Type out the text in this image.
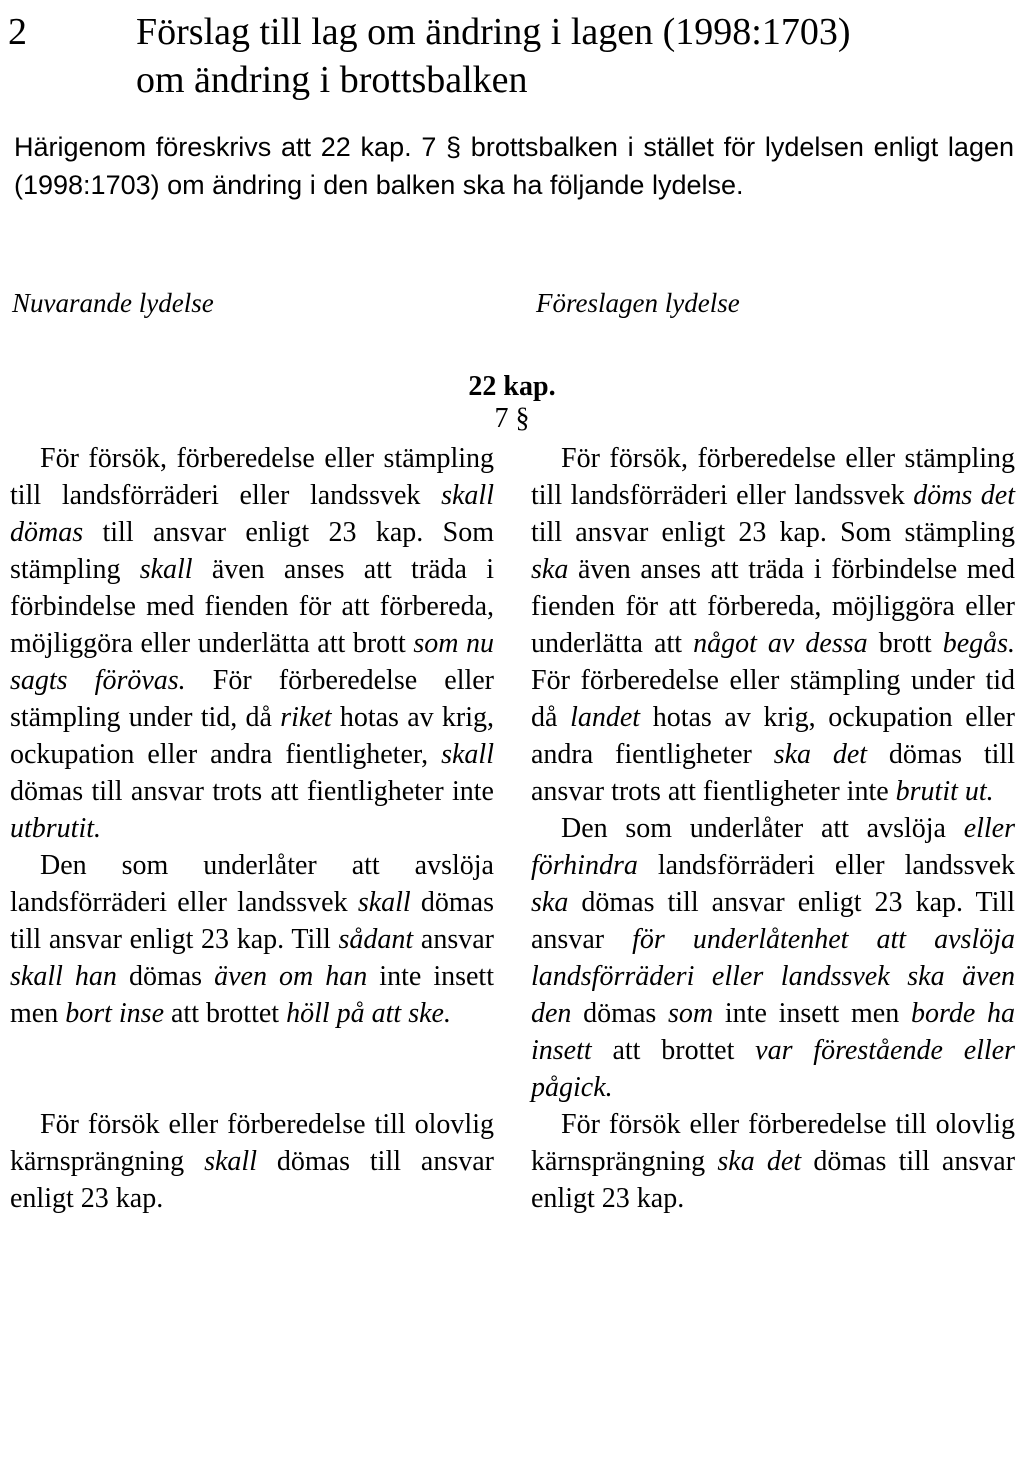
2	Förslag till lag om ändring i lagen (1998:1703)
om ändring i brottsbalken
Härigenom föreskrivs att 22 kap. 7 § brottsbalken i stället för lydelsen enligt lagen (1998:1703) om ändring i den balken ska ha följande lydelse.
Nuvarande lydelse	Föreslagen lydelse
22 kap.
7 §

För försök, förberedelse eller stämpling till landsförräderi eller landssvek skall dömas till ansvar enligt 23 kap. Som stämpling skall även anses att träda i förbindelse med fienden för att förbereda, möjliggöra eller underlätta att brott som nu sagts förövas. För förberedelse eller stämpling under tid, då riket hotas av krig, ockupation eller andra fientligheter, skall dömas till ansvar trots att fientligheter inte utbrutit.

Den som underlåter att avslöja landsförräderi eller landssvek skall dömas till ansvar enligt 23 kap. Till sådant ansvar skall han dömas även om han inte insett men bort inse att brottet höll på att ske.

För försök eller förberedelse till olovlig kärnsprängning skall dömas till ansvar enligt 23 kap.

För försök, förberedelse eller stämpling till landsförräderi eller landssvek döms det till ansvar enligt 23 kap. Som stämpling ska även anses att träda i förbindelse med fienden för att förbereda, möjliggöra eller underlätta att något av dessa brott begås. För förberedelse eller stämpling under tid då landet hotas av krig, ockupation eller andra fientligheter ska det dömas till ansvar trots att fientligheter inte brutit ut.

Den som underlåter att avslöja eller förhindra landsförräderi eller landssvek ska dömas till ansvar enligt 23 kap. Till ansvar för underlåtenhet att avslöja landsförräderi eller landssvek ska även den dömas som inte insett men borde ha insett att brottet var förestående eller pågick.

För försök eller förberedelse till olovlig kärnsprängning ska det dömas till ansvar enligt 23 kap.
